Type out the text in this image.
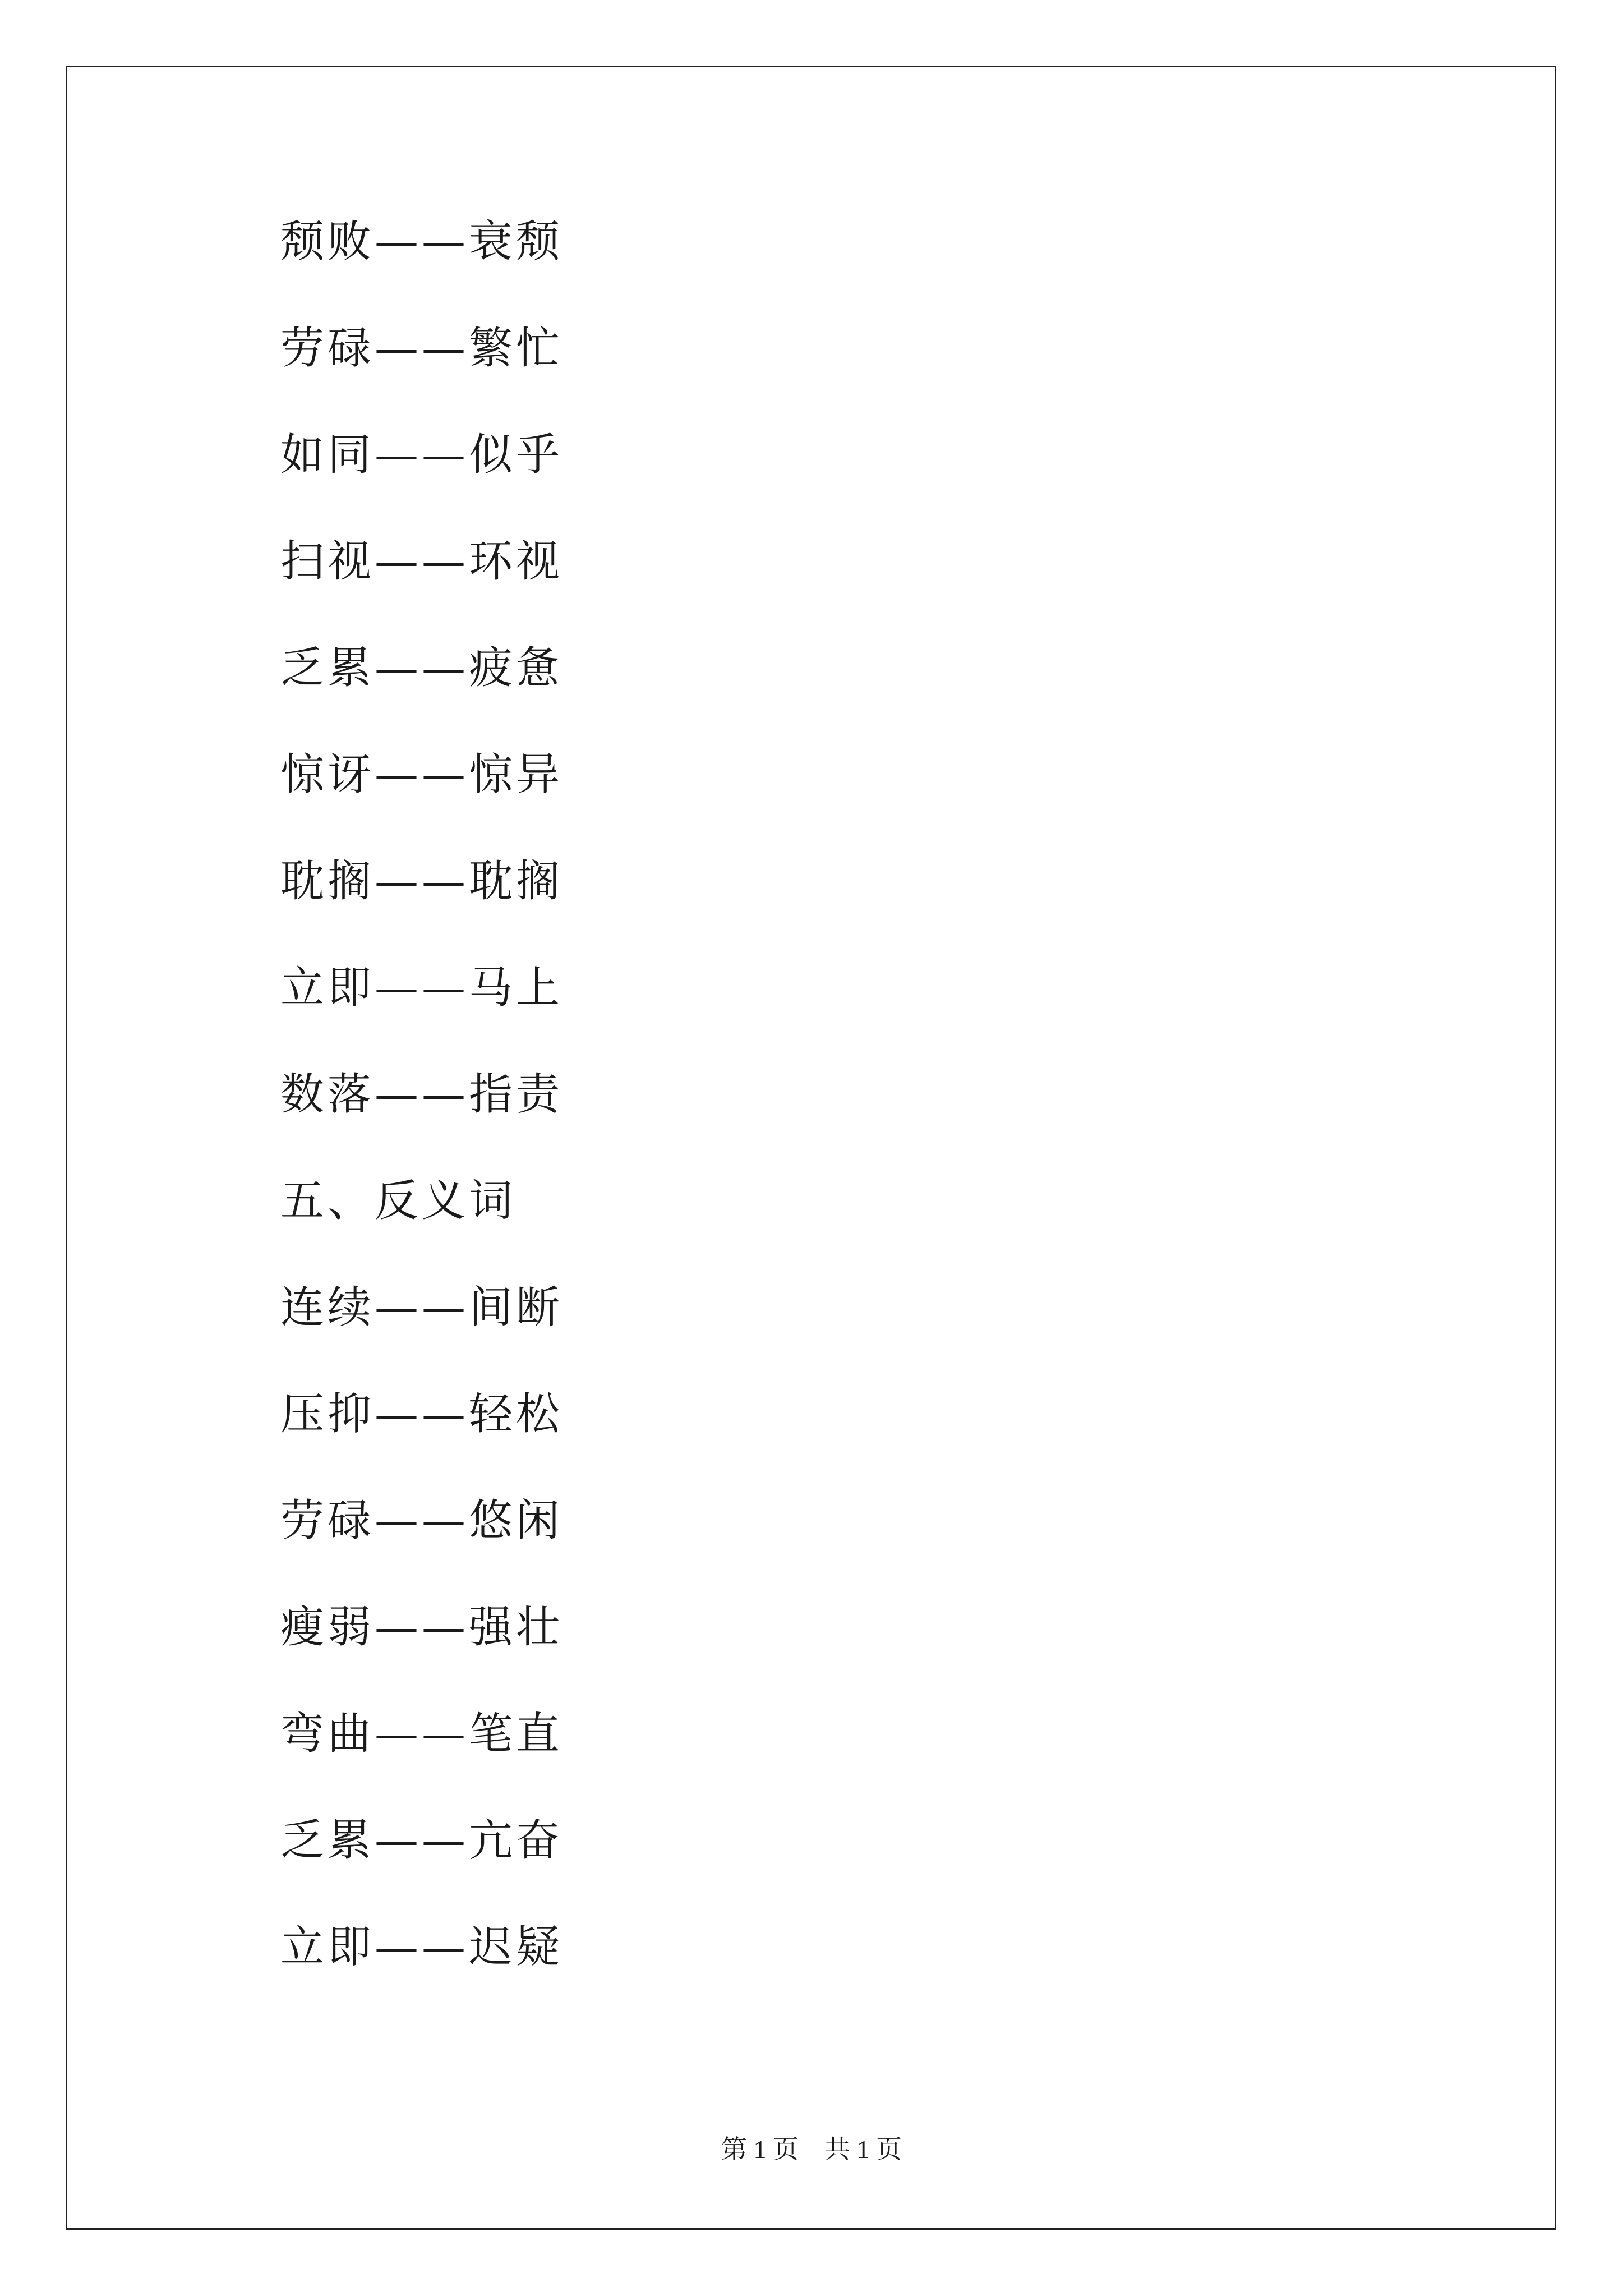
颓败——衰颓

劳碌——繁忙

如同——似乎

扫视——环视

乏累——疲惫

惊讶——惊异

耽搁——耽搁

立即——马上

数落——指责

五、反义词

连续——间断

压抑——轻松

劳碌——悠闲

瘦弱——强壮

弯曲——笔直

乏累——亢奋

立即——迟疑

第 1 页    共 1 页
